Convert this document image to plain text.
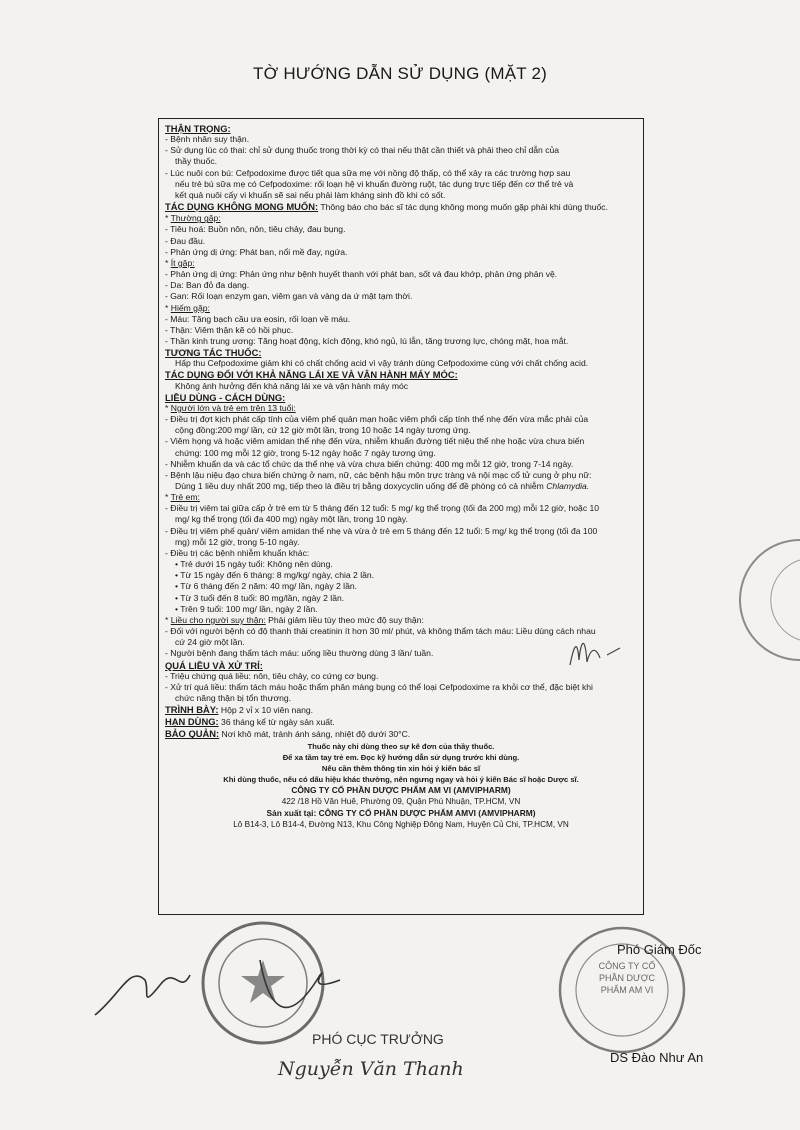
TỜ HƯỚNG DẪN SỬ DỤNG (MẶT 2)
THẬN TRỌNG:
- Bệnh nhân suy thận.
- Sử dụng lúc có thai: chỉ sử dụng thuốc trong thời kỳ có thai nếu thật cần thiết và phải theo chỉ dẫn của
thầy thuốc.
- Lúc nuôi con bú: Cefpodoxime được tiết qua sữa mẹ với nồng độ thấp, có thể xảy ra các trường hợp sau
nếu trẻ bú sữa mẹ có Cefpodoxime: rối loạn hệ vi khuẩn đường ruột, tác dụng trực tiếp đến cơ thể trẻ và
kết quả nuôi cấy vi khuẩn sẽ sai nếu phải làm kháng sinh đồ khi có sốt.
TÁC DỤNG KHÔNG MONG MUỐN: Thông báo cho bác sĩ tác dụng không mong muốn gặp phải khi dùng thuốc.
* Thường gặp:
- Tiêu hoá: Buồn nôn, nôn, tiêu chảy, đau bụng.
- Đau đầu.
- Phản ứng dị ứng: Phát ban, nổi mề đay, ngứa.
* Ít gặp:
- Phản ứng dị ứng: Phản ứng như bệnh huyết thanh với phát ban, sốt và đau khớp, phản ứng phản vệ.
- Da: Ban đỏ đa dạng.
- Gan: Rối loạn enzym gan, viêm gan và vàng da ứ mật tạm thời.
* Hiếm gặp:
- Máu: Tăng bạch cầu ưa eosin, rối loạn về máu.
- Thận: Viêm thận kẽ có hồi phục.
- Thần kinh trung ương: Tăng hoạt động, kích động, khó ngủ, lú lẫn, tăng trương lực, chóng mặt, hoa mắt.
TƯƠNG TÁC THUỐC:
Hấp thu Cefpodoxime giảm khi có chất chống acid vì vậy tránh dùng Cefpodoxime cùng với chất chống acid.
TÁC DỤNG ĐỐI VỚI KHẢ NĂNG LÁI XE VÀ VẬN HÀNH MÁY MÓC:
Không ảnh hưởng đến khả năng lái xe và vận hành máy móc
LIỀU DÙNG - CÁCH DÙNG:
* Người lớn và trẻ em trên 13 tuổi:
- Điều trị đợt kịch phát cấp tính của viêm phế quản mạn hoặc viêm phổi cấp tính thể nhẹ đến vừa mắc phải của
cộng đồng:200 mg/ lần, cứ 12 giờ một lần, trong 10 hoặc 14 ngày tương ứng.
- Viêm họng và hoặc viêm amidan thể nhẹ đến vừa, nhiễm khuẩn đường tiết niệu thể nhẹ hoặc vừa chưa biến
chứng: 100 mg mỗi 12 giờ, trong 5-12 ngày hoặc 7 ngày tương ứng.
- Nhiễm khuẩn da và các tổ chức da thể nhẹ và vừa chưa biến chứng: 400 mg mỗi 12 giờ, trong 7-14 ngày.
- Bệnh lậu niệu đạo chưa biến chứng ở nam, nữ, các bệnh hậu môn trực tràng và nội mạc cổ tử cung ở phụ nữ:
Dùng 1 liều duy nhất 200 mg, tiếp theo là điều trị bằng doxycyclin uống để đề phòng có cả nhiễm Chlamydia.
* Trẻ em:
- Điều trị viêm tai giữa cấp ở trẻ em từ 5 tháng đến 12 tuổi: 5 mg/ kg thể trọng (tối đa 200 mg) mỗi 12 giờ, hoặc 10
mg/ kg thể trọng (tối đa 400 mg) ngày một lần, trong 10 ngày.
- Điều trị viêm phế quản/ viêm amidan thể nhẹ và vừa ở trẻ em 5 tháng đến 12 tuổi: 5 mg/ kg thể trọng (tối đa 100
mg) mỗi 12 giờ, trong 5-10 ngày.
- Điều trị các bệnh nhiễm khuẩn khác:
• Trẻ dưới 15 ngày tuổi: Không nên dùng.
• Từ 15 ngày đến 6 tháng: 8 mg/kg/ ngày, chia 2 lần.
• Từ 6 tháng đến 2 năm: 40 mg/ lần, ngày 2 lần.
• Từ 3 tuổi đến 8 tuổi: 80 mg/lần, ngày 2 lần.
• Trên 9 tuổi: 100 mg/ lần, ngày 2 lần.
* Liều cho người suy thận: Phải giảm liều tùy theo mức độ suy thận:
- Đối với người bệnh có độ thanh thải creatinin ít hơn 30 ml/ phút, và không thẩm tách máu: Liều dùng cách nhau
cứ 24 giờ một lần.
- Người bệnh đang thẩm tách máu: uống liều thường dùng 3 lần/ tuần.
QUÁ LIỀU VÀ XỬ TRÍ:
- Triệu chứng quá liều: nôn, tiêu chảy, co cứng cơ bụng.
- Xử trí quá liều: thẩm tách máu hoặc thẩm phân màng bụng có thể loại Cefpodoxime ra khỏi cơ thể, đặc biệt khi
chức năng thận bị tổn thương.
TRÌNH BÀY: Hộp 2 vỉ x 10 viên nang.
HẠN DÙNG: 36 tháng kể từ ngày sản xuất.
BẢO QUẢN: Nơi khô mát, tránh ánh sáng, nhiệt độ dưới 30°C.
Thuốc này chỉ dùng theo sự kê đơn của thầy thuốc.
Để xa tầm tay trẻ em. Đọc kỹ hướng dẫn sử dụng trước khi dùng.
Nếu cần thêm thông tin xin hỏi ý kiến bác sĩ
Khi dùng thuốc, nếu có dấu hiệu khác thường, nên ngưng ngay và hỏi ý kiến Bác sĩ hoặc Dược sĩ.
CÔNG TY CỔ PHẦN DƯỢC PHẨM AM VI (AMVIPHARM)
422 /18 Hồ Văn Huê, Phường 09, Quận Phú Nhuận, TP.HCM, VN
Sản xuất tại: CÔNG TY CỔ PHẦN DƯỢC PHẨM AMVI (AMVIPHARM)
Lô B14-3, Lô B14-4, Đường N13, Khu Công Nghiệp Đông Nam, Huyện Củ Chi, TP.HCM, VN
PHÓ CỤC TRƯỞNG
Nguyễn Văn Thanh
CÔNG TY CỔ PHẦN DƯỢC PHẨM AM VI
Phó Giám Đốc
DS Đào Như An
